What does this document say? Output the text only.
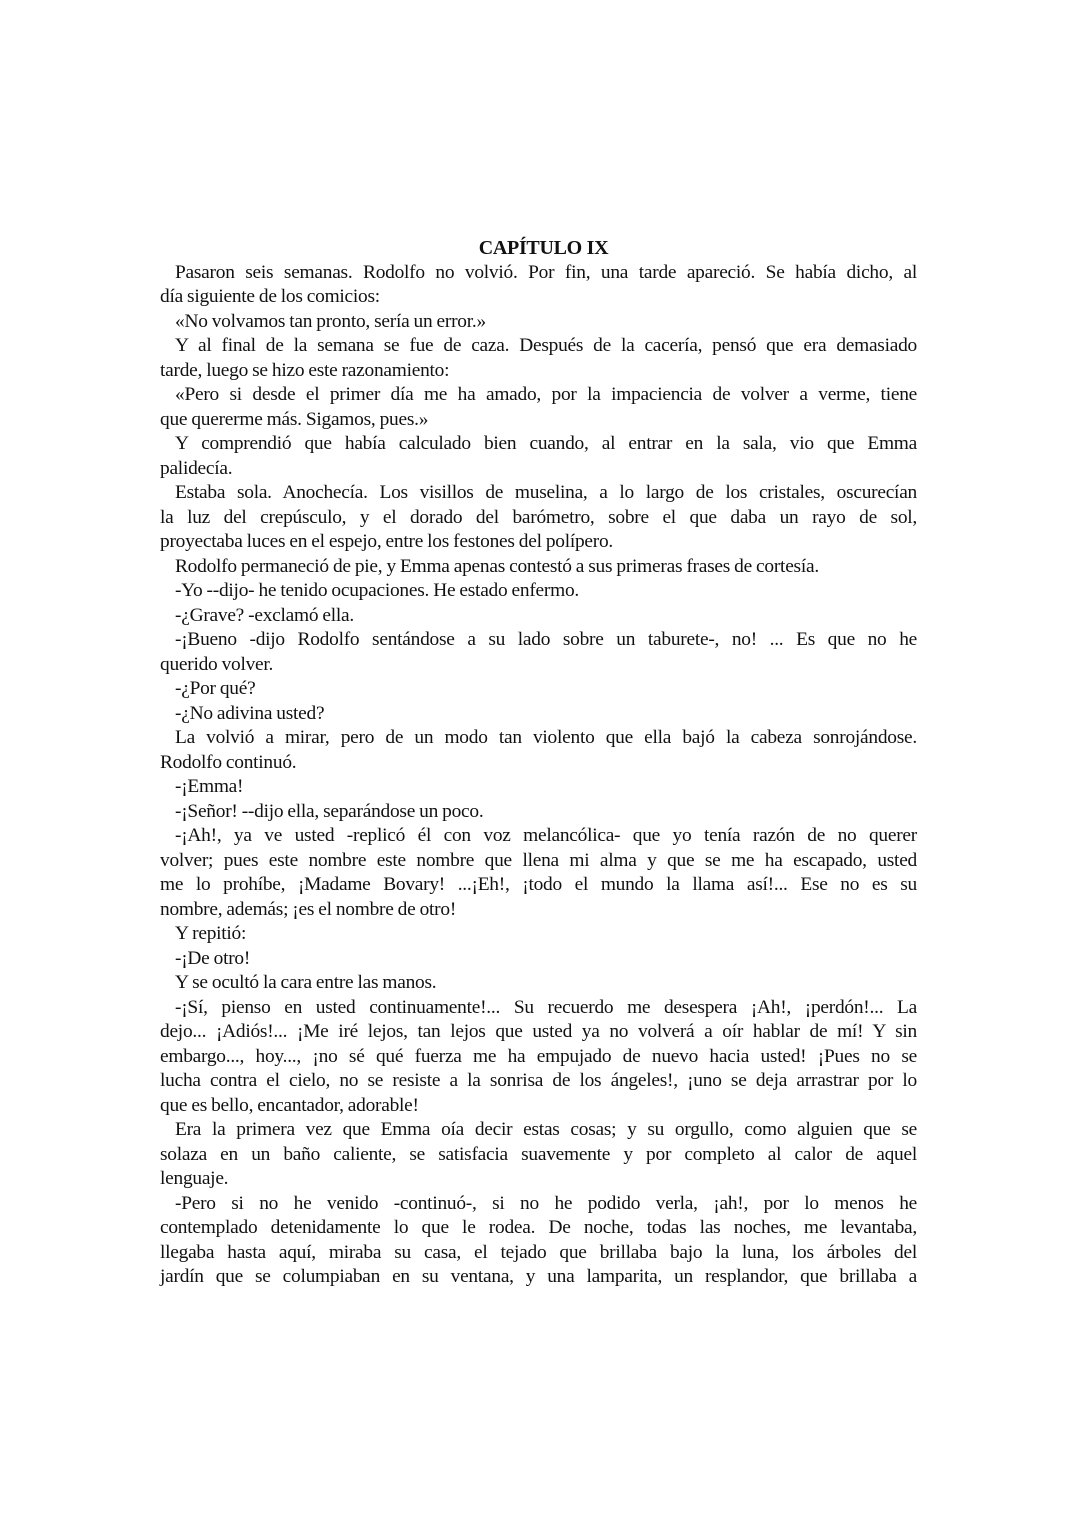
CAPÍTULO IX
Pasaron seis semanas. Rodolfo no volvió. Por fin, una tarde apareció. Se había dicho, al
día siguiente de los comicios:
«No volvamos tan pronto, sería un error.»
Y al final de la semana se fue de caza. Después de la cacería, pensó que era demasiado
tarde, luego se hizo este razonamiento:
«Pero si desde el primer día me ha amado, por la impaciencia de volver a verme, tiene
que quererme más. Sigamos, pues.»
Y comprendió que había calculado bien cuando, al entrar en la sala, vio que Emma
palidecía.
Estaba sola. Anochecía. Los visillos de muselina, a lo largo de los cristales, oscurecían
la luz del crepúsculo, y el dorado del barómetro, sobre el que daba un rayo de sol,
proyectaba luces en el espejo, entre los festones del polípero.
Rodolfo permaneció de pie, y Emma apenas contestó a sus primeras frases de cortesía.
-Yo --dijo- he tenido ocupaciones. He estado enfermo.
-¿Grave? -exclamó ella.
-¡Bueno -dijo Rodolfo sentándose a su lado sobre un taburete-, no! ... Es que no he
querido volver.
-¿Por qué?
-¿No adivina usted?
La volvió a mirar, pero de un modo tan violento que ella bajó la cabeza sonrojándose.
Rodolfo continuó.
-¡Emma!
-¡Señor! --dijo ella, separándose un poco.
-¡Ah!, ya ve usted -replicó él con voz melancólica- que yo tenía razón de no querer
volver; pues este nombre este nombre que llena mi alma y que se me ha escapado, usted
me lo prohíbe, ¡Madame Bovary! ...¡Eh!, ¡todo el mundo la llama así!... Ese no es su
nombre, además; ¡es el nombre de otro!
Y repitió:
-¡De otro!
Y se ocultó la cara entre las manos.
-¡Sí, pienso en usted continuamente!... Su recuerdo me desespera ¡Ah!, ¡perdón!... La
dejo... ¡Adiós!... ¡Me iré lejos, tan lejos que usted ya no volverá a oír hablar de mí! Y sin
embargo..., hoy..., ¡no sé qué fuerza me ha empujado de nuevo hacia usted! ¡Pues no se
lucha contra el cielo, no se resiste a la sonrisa de los ángeles!, ¡uno se deja arrastrar por lo
que es bello, encantador, adorable!
Era la primera vez que Emma oía decir estas cosas; y su orgullo, como alguien que se
solaza en un baño caliente, se satisfacia suavemente y por completo al calor de aquel
lenguaje.
-Pero si no he venido -continuó-, si no he podido verla, ¡ah!, por lo menos he
contemplado detenidamente lo que le rodea. De noche, todas las noches, me levantaba,
llegaba hasta aquí, miraba su casa, el tejado que brillaba bajo la luna, los árboles del
jardín que se columpiaban en su ventana, y una lamparita, un resplandor, que brillaba a
